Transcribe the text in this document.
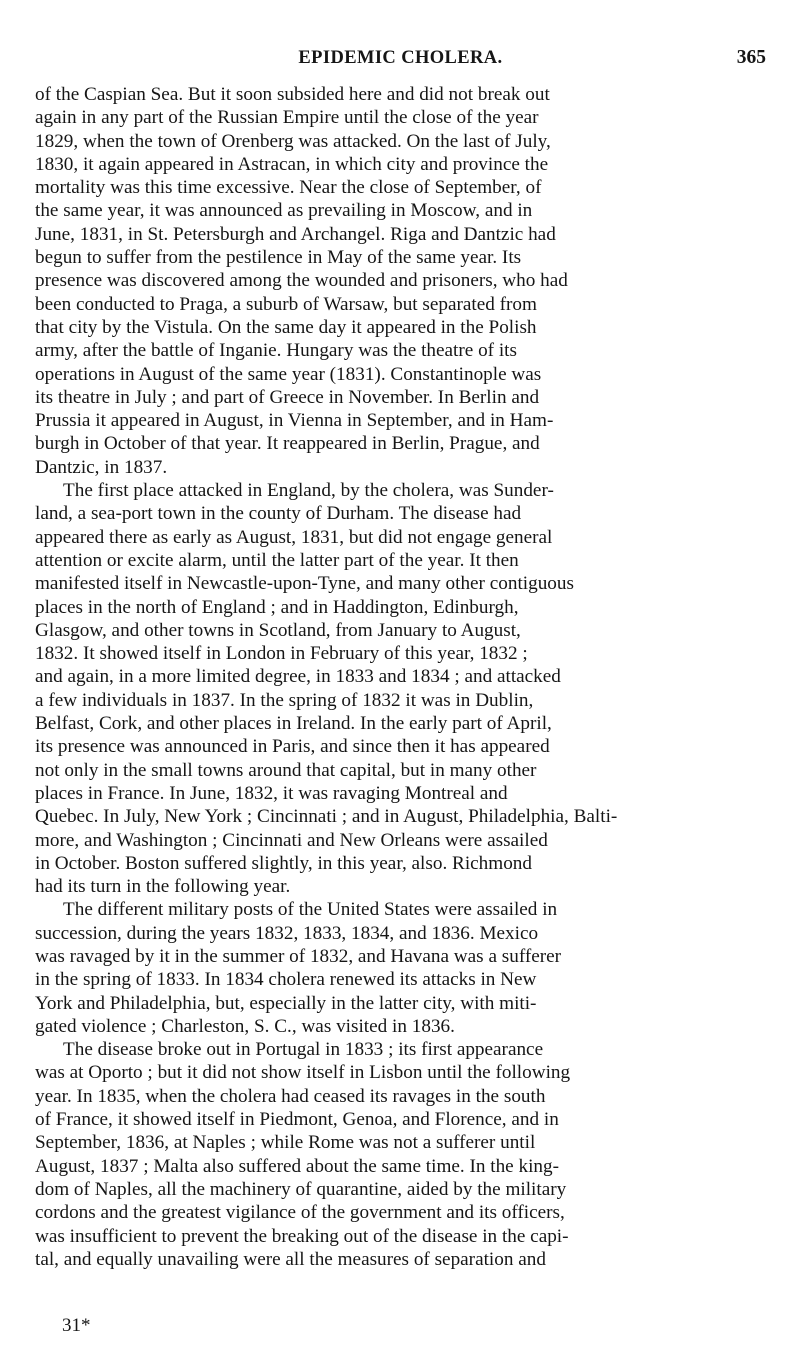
EPIDEMIC CHOLERA.	365
of the Caspian Sea. But it soon subsided here and did not break out
again in any part of the Russian Empire until the close of the year
1829, when the town of Orenberg was attacked. On the last of July,
1830, it again appeared in Astracan, in which city and province the
mortality was this time excessive. Near the close of September, of
the same year, it was announced as prevailing in Moscow, and in
June, 1831, in St. Petersburgh and Archangel. Riga and Dantzic had
begun to suffer from the pestilence in May of the same year. Its
presence was discovered among the wounded and prisoners, who had
been conducted to Praga, a suburb of Warsaw, but separated from
that city by the Vistula. On the same day it appeared in the Polish
army, after the battle of Inganie. Hungary was the theatre of its
operations in August of the same year (1831). Constantinople was
its theatre in July ; and part of Greece in November. In Berlin and
Prussia it appeared in August, in Vienna in September, and in Ham-
burgh in October of that year. It reappeared in Berlin, Prague, and
Dantzic, in 1837.
The first place attacked in England, by the cholera, was Sunder-
land, a sea-port town in the county of Durham. The disease had
appeared there as early as August, 1831, but did not engage general
attention or excite alarm, until the latter part of the year. It then
manifested itself in Newcastle-upon-Tyne, and many other contiguous
places in the north of England ; and in Haddington, Edinburgh,
Glasgow, and other towns in Scotland, from January to August,
1832. It showed itself in London in February of this year, 1832 ;
and again, in a more limited degree, in 1833 and 1834 ; and attacked
a few individuals in 1837. In the spring of 1832 it was in Dublin,
Belfast, Cork, and other places in Ireland. In the early part of April,
its presence was announced in Paris, and since then it has appeared
not only in the small towns around that capital, but in many other
places in France. In June, 1832, it was ravaging Montreal and
Quebec. In July, New York ; Cincinnati ; and in August, Philadelphia, Balti-
more, and Washington ; Cincinnati and New Orleans were assailed
in October. Boston suffered slightly, in this year, also. Richmond
had its turn in the following year.
The different military posts of the United States were assailed in
succession, during the years 1832, 1833, 1834, and 1836. Mexico
was ravaged by it in the summer of 1832, and Havana was a sufferer
in the spring of 1833. In 1834 cholera renewed its attacks in New
York and Philadelphia, but, especially in the latter city, with miti-
gated violence ; Charleston, S. C., was visited in 1836.
The disease broke out in Portugal in 1833 ; its first appearance
was at Oporto ; but it did not show itself in Lisbon until the following
year. In 1835, when the cholera had ceased its ravages in the south
of France, it showed itself in Piedmont, Genoa, and Florence, and in
September, 1836, at Naples ; while Rome was not a sufferer until
August, 1837 ; Malta also suffered about the same time. In the king-
dom of Naples, all the machinery of quarantine, aided by the military
cordons and the greatest vigilance of the government and its officers,
was insufficient to prevent the breaking out of the disease in the capi-
tal, and equally unavailing were all the measures of separation and
31*
